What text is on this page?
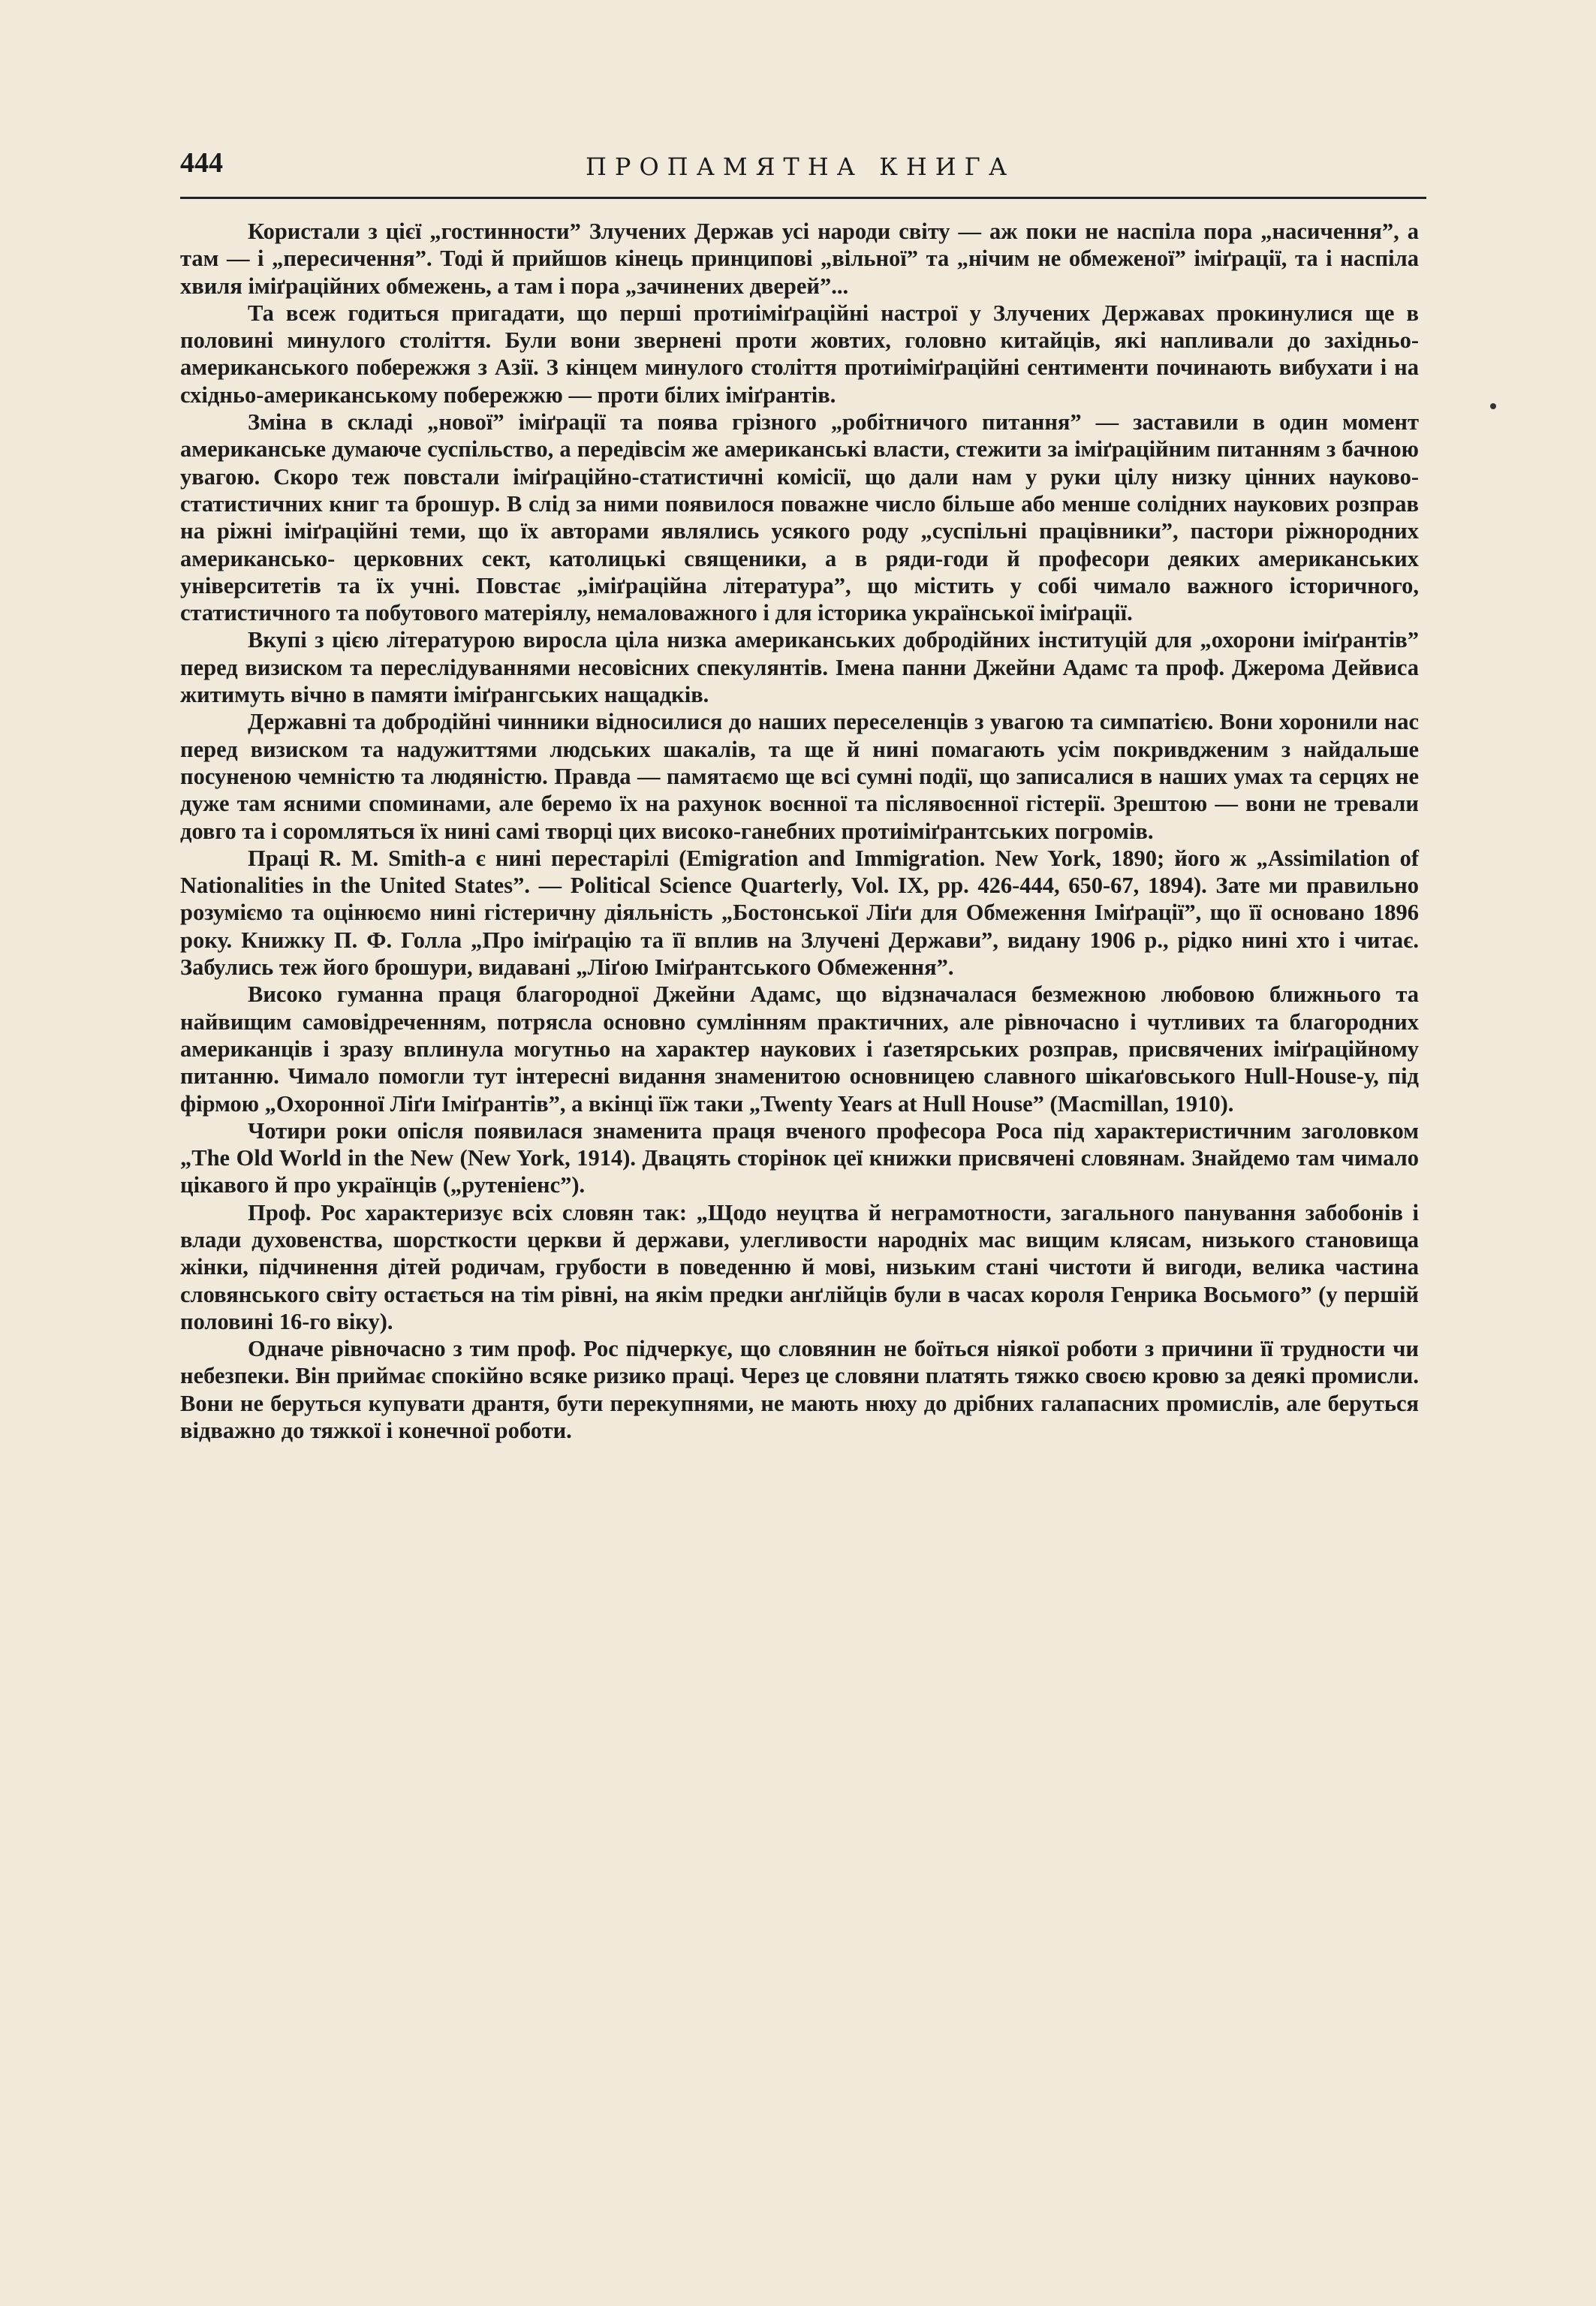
444	ПРОПАМЯТНА КНИГА

Користали з цієї „гостинности” Злучених Держав усі народи світу — аж поки не наспіла пора „насичення”, а там — і „пересичення”. Тоді й прийшов кінець принципові „вільної” та „нічим не обмеженої” іміґрації, та і наспіла хвиля іміґраційних обмежень, а там і пора „зачинених дверей”...

Та всеж годиться пригадати, що перші протиіміґраційні настрої у Злучених Державах прокинулися ще в половині минулого століття. Були вони звернені проти жовтих, головно китайців, які напливали до західньо-американського побережжя з Азії. З кінцем минулого століття протиіміґраційні сентименти починають вибухати і на східньо-американському побережжю — проти білих іміґрантів.

Зміна в складі „нової” іміґрації та поява грізного „робітничого питання” — заставили в один момент американське думаюче суспільство, а передівсім же американські власти, стежити за іміґраційним питанням з бачною увагою. Скоро теж повстали іміґраційно-статистичні комісії, що дали нам у руки цілу низку цінних науково-статистичних книг та брошур. В слід за ними появилося поважне число більше або менше солідних наукових розправ на ріжні іміґраційні теми, що їх авторами являлись усякого роду „суспільні працівники”, пастори ріжнородних американсько- церковних сект, католицькі священики, а в ряди-годи й професори деяких американських університетів та їх учні. Повстає „іміґраційна література”, що містить у собі чимало важного історичного, статистичного та побутового матеріялу, немаловажного і для історика української іміґрації.

Вкупі з цією літературою виросла ціла низка американських добродійних інституцій для „охорони іміґрантів” перед визиском та переслідуваннями несовісних спекулянтів. Імена панни Джейни Адамс та проф. Джерома Дейвиса житимуть вічно в памяти іміґрангських нащадків.

Державні та добродійні чинники відносилися до наших переселенців з увагою та симпатією. Вони хоронили нас перед визиском та надужиттями людських шакалів, та ще й нині помагають усім покривдженим з найдальше посуненою чемністю та людяністю. Правда — памятаємо ще всі сумні події, що записалися в наших умах та серцях не дуже там ясними споминами, але беремо їх на рахунок воєнної та післявоєнної гістерії. Зрештою — вони не тревали довго та і соромляться їх нині самі творці цих високо-ганебних протиіміґрантських погромів.

Праці R. M. Smith-а є нині перестарілі (Emigration and Immigration. New York, 1890; його ж „Assimilation of Nationalities in the United States”. — Political Science Quarterly, Vol. IX, pp. 426-444, 650-67, 1894). Зате ми правильно розуміємо та оцінюємо нині гістеричну діяльність „Бостонської Ліґи для Обмеження Іміґрації”, що її основано 1896 року. Книжку П. Ф. Голла „Про іміґрацію та її вплив на Злучені Держави”, видану 1906 р., рідко нині хто і читає. Забулись теж його брошури, видавані „Ліґою Іміґрантського Обмеження”.

Високо гуманна праця благородної Джейни Адамс, що відзначалася безмежною любовою ближнього та найвищим самовідреченням, потрясла основно сумлінням практичних, але рівночасно і чутливих та благородних американців і зразу вплинула могутньо на характер наукових і ґазетярських розправ, присвячених іміґраційному питанню. Чимало помогли тут інтересні видання знаменитою основницею славного шікаґовського Hull-House-у, під фірмою „Охоронної Ліґи Іміґрантів”, а вкінці їїж таки „Twenty Years at Hull House” (Macmillan, 1910).

Чотири роки опісля появилася знаменита праця вченого професора Роса під характеристичним заголовком „The Old World in the New (New York, 1914). Двацять сторінок цеї книжки присвячені словянам. Знайдемо там чимало цікавого й про українців („рутеніенс”).

Проф. Рос характеризує всіх словян так: „Щодо неуцтва й неграмотности, загального панування забобонів і влади духовенства, шорсткости церкви й держави, улегливости народніх мас вищим клясам, низького становища жінки, підчинення дітей родичам, грубости в поведенню й мові, низьким стані чистоти й вигоди, велика частина словянського світу остається на тім рівні, на якім предки анґлійців були в часах короля Генрика Восьмого” (у першій половині 16-го віку).

Одначе рівночасно з тим проф. Рос підчеркує, що словянин не боїться ніякої роботи з причини її трудности чи небезпеки. Він приймає спокійно всяке ризико праці. Через це словяни платять тяжко своєю кровю за деякі промисли. Вони не беруться купувати дрантя, бути перекупнями, не мають нюху до дрібних галапасних промислів, але беруться відважно до тяжкої і конечної роботи.
